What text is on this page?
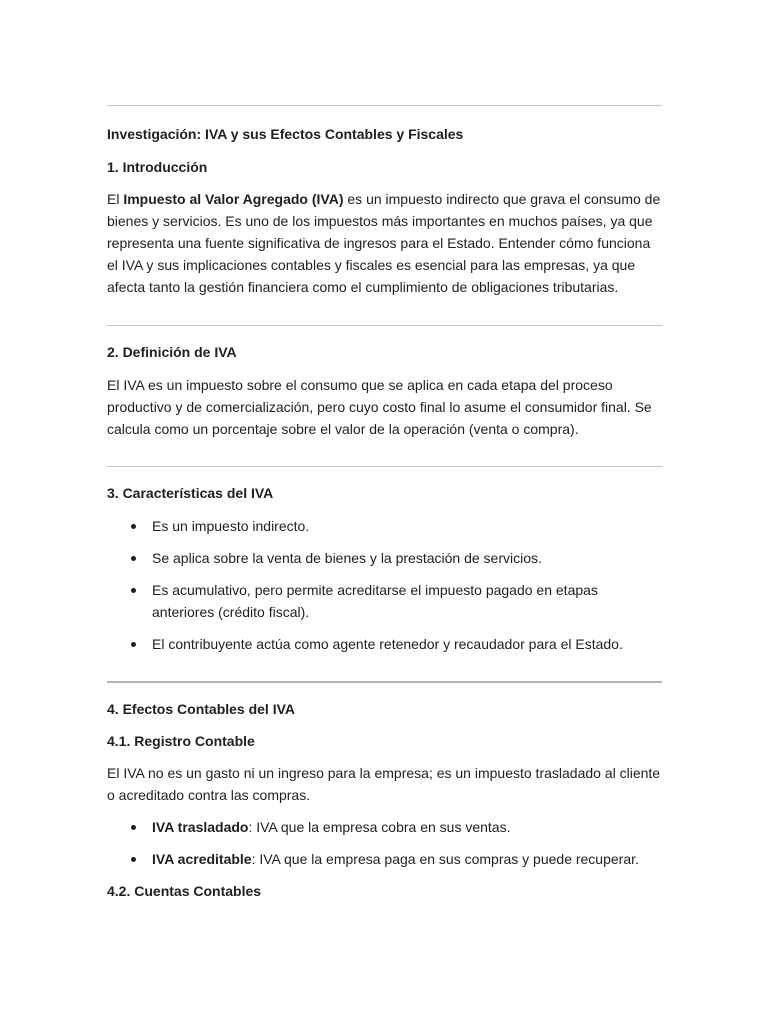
Investigación: IVA y sus Efectos Contables y Fiscales

1. Introducción

El Impuesto al Valor Agregado (IVA) es un impuesto indirecto que grava el consumo de bienes y servicios. Es uno de los impuestos más importantes en muchos países, ya que representa una fuente significativa de ingresos para el Estado. Entender cómo funciona el IVA y sus implicaciones contables y fiscales es esencial para las empresas, ya que afecta tanto la gestión financiera como el cumplimiento de obligaciones tributarias.

2. Definición de IVA

El IVA es un impuesto sobre el consumo que se aplica en cada etapa del proceso productivo y de comercialización, pero cuyo costo final lo asume el consumidor final. Se calcula como un porcentaje sobre el valor de la operación (venta o compra).

3. Características del IVA

Es un impuesto indirecto.
Se aplica sobre la venta de bienes y la prestación de servicios.
Es acumulativo, pero permite acreditarse el impuesto pagado en etapas anteriores (crédito fiscal).
El contribuyente actúa como agente retenedor y recaudador para el Estado.

4. Efectos Contables del IVA

4.1. Registro Contable

El IVA no es un gasto ni un ingreso para la empresa; es un impuesto trasladado al cliente o acreditado contra las compras.

IVA trasladado: IVA que la empresa cobra en sus ventas.
IVA acreditable: IVA que la empresa paga en sus compras y puede recuperar.

4.2. Cuentas Contables
